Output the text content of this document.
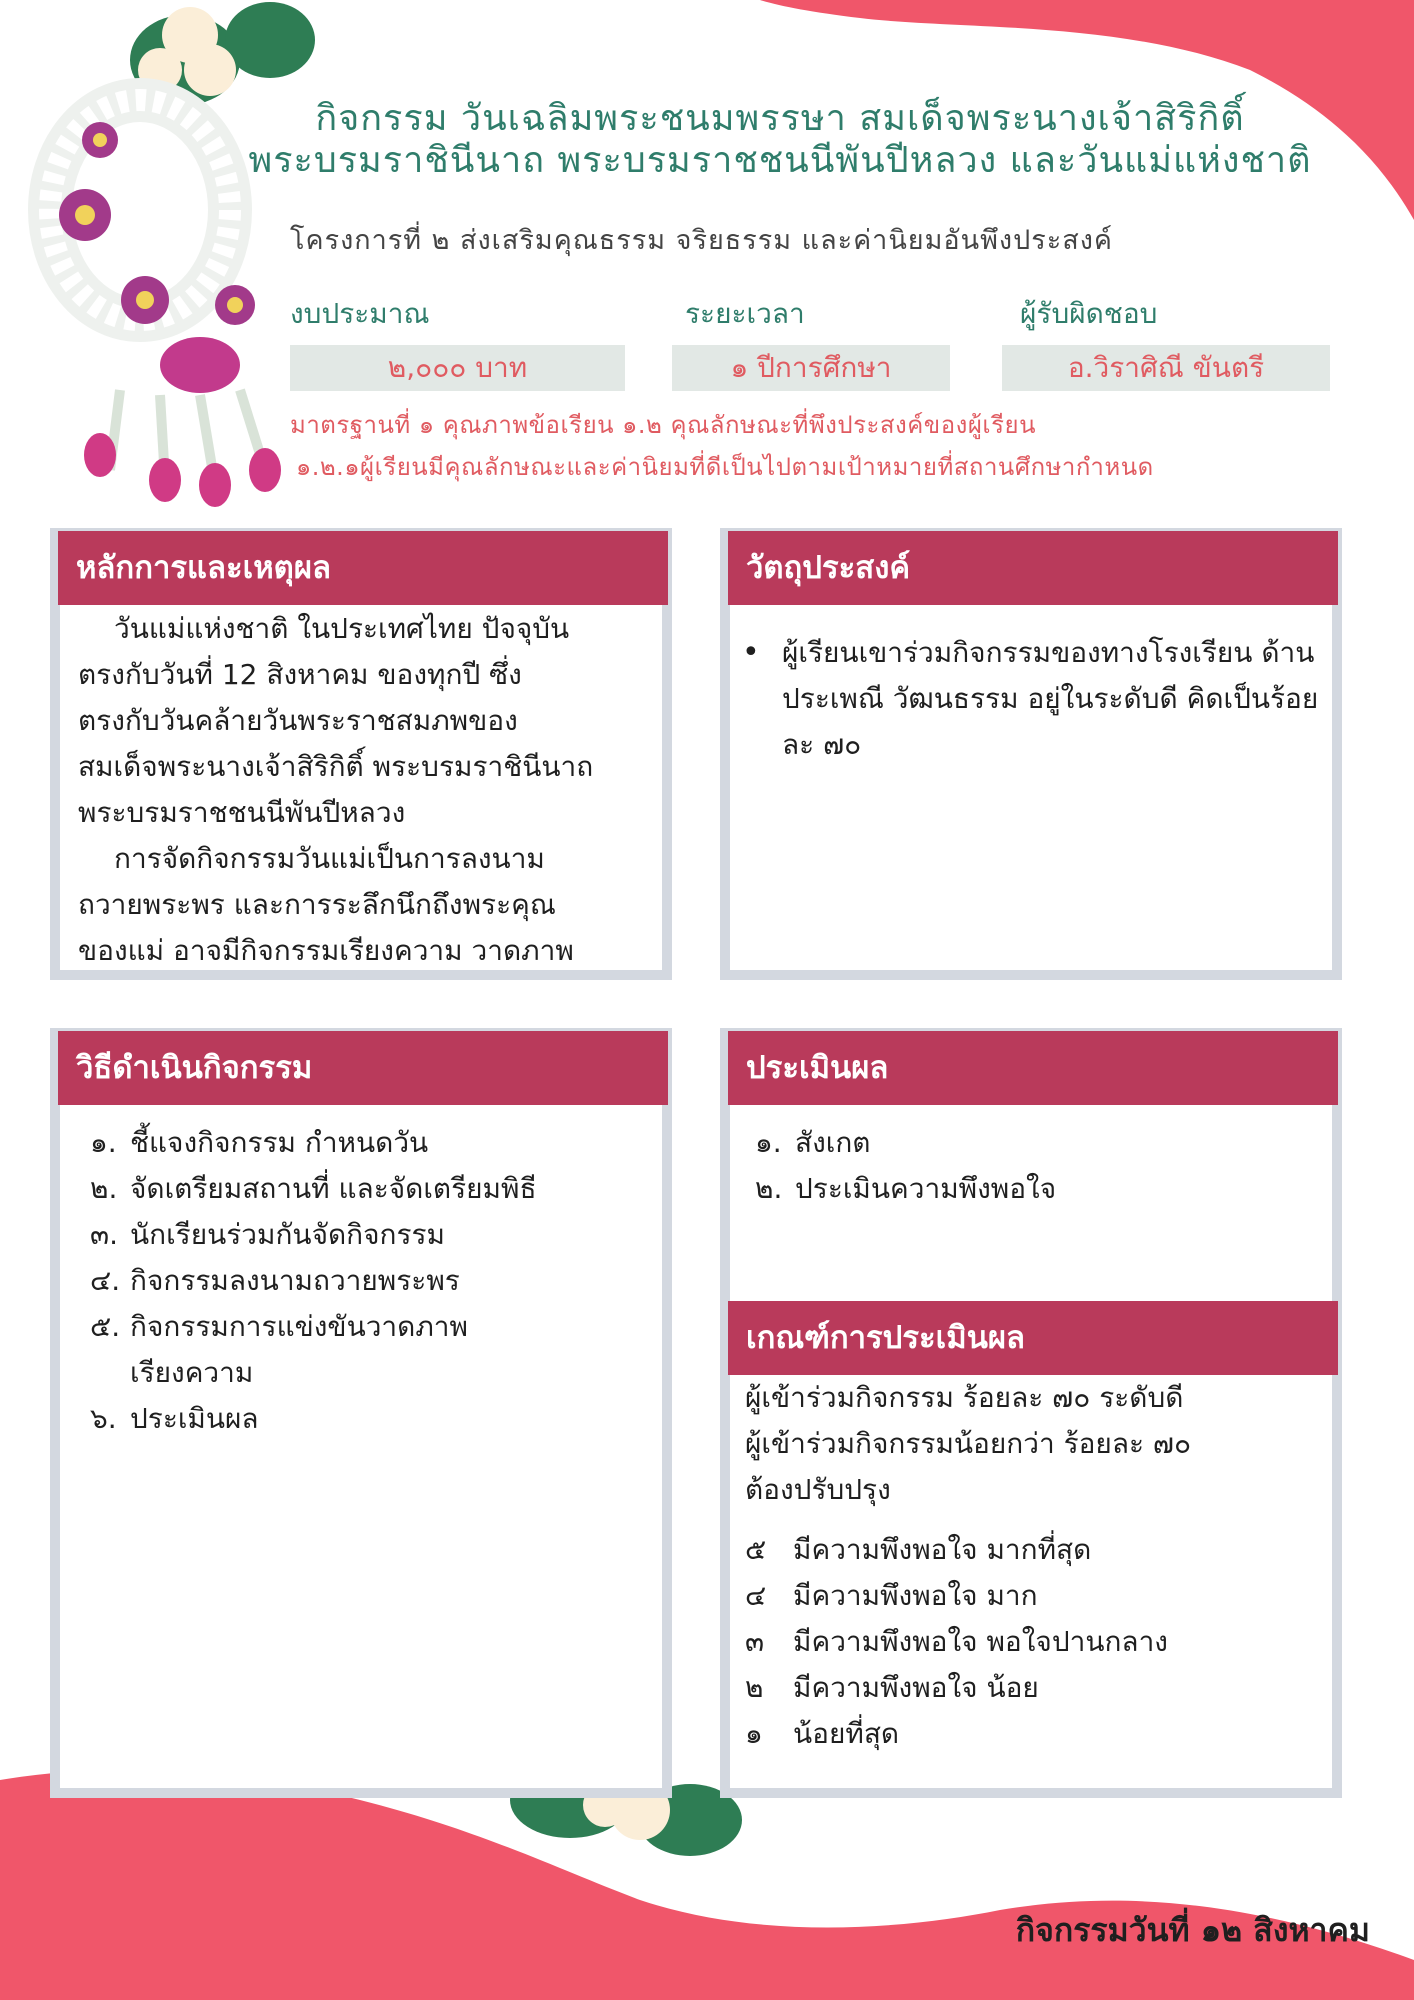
กิจกรรม วันเฉลิมพระชนมพรรษา สมเด็จพระนางเจ้าสิริกิติ์
พระบรมราชินีนาถ พระบรมราชชนนีพันปีหลวง และวันแม่แห่งชาติ
โครงการที่ ๒ ส่งเสริมคุณธรรม จริยธรรม และค่านิยมอันพึงประสงค์
งบประมาณ	ระยะเวลา	ผู้รับผิดชอบ
๒,๐๐๐ บาท	๑ ปีการศึกษา	อ.วิราศิณี ขันตรี
มาตรฐานที่ ๑ คุณภาพข้อเรียน ๑.๒ คุณลักษณะที่พึงประสงค์ของผู้เรียน
๑.๒.๑ผู้เรียนมีคุณลักษณะและค่านิยมที่ดีเป็นไปตามเป้าหมายที่สถานศึกษากำหนด
หลักการและเหตุผล

วันแม่แห่งชาติ ในประเทศไทย ปัจจุบัน

ตรงกับวันที่ 12 สิงหาคม ของทุกปี ซึ่ง

ตรงกับวันคล้ายวันพระราชสมภพของ

สมเด็จพระนางเจ้าสิริกิติ์ พระบรมราชินีนาถ

พระบรมราชชนนีพันปีหลวง

การจัดกิจกรรมวันแม่เป็นการลงนาม

ถวายพระพร และการระลึกนึกถึงพระคุณ

ของแม่ อาจมีกิจกรรมเรียงความ วาดภาพ

วัตถุประสงค์
• ผู้เรียนเขาร่วมกิจกรรมของทางโรงเรียน ด้านประเพณี วัฒนธรรม อยู่ในระดับดี คิดเป็นร้อยละ ๗๐
วิธีดำเนินกิจกรรม
๑. ชี้แจงกิจกรรม กำหนดวัน
๒. จัดเตรียมสถานที่ และจัดเตรียมพิธี
๓. นักเรียนร่วมกันจัดกิจกรรม
๔. กิจกรรมลงนามถวายพระพร
๕. กิจกรรมการแข่งขันวาดภาพ เรียงความ
๖. ประเมินผล
ประเมินผล
๑. สังเกต
๒. ประเมินความพึงพอใจ
เกณฑ์การประเมินผล

ผู้เข้าร่วมกิจกรรม ร้อยละ ๗๐ ระดับดี

ผู้เข้าร่วมกิจกรรมน้อยกว่า ร้อยละ ๗๐

ต้องปรับปรุง

๕ มีความพึงพอใจ มากที่สุด
๔ มีความพึงพอใจ มาก
๓	มีความพึงพอใจ พอใจปานกลาง
๒	มีความพึงพอใจ น้อย
๑	น้อยที่สุด
กิจกรรมวันที่ ๑๒ สิงหาคม
